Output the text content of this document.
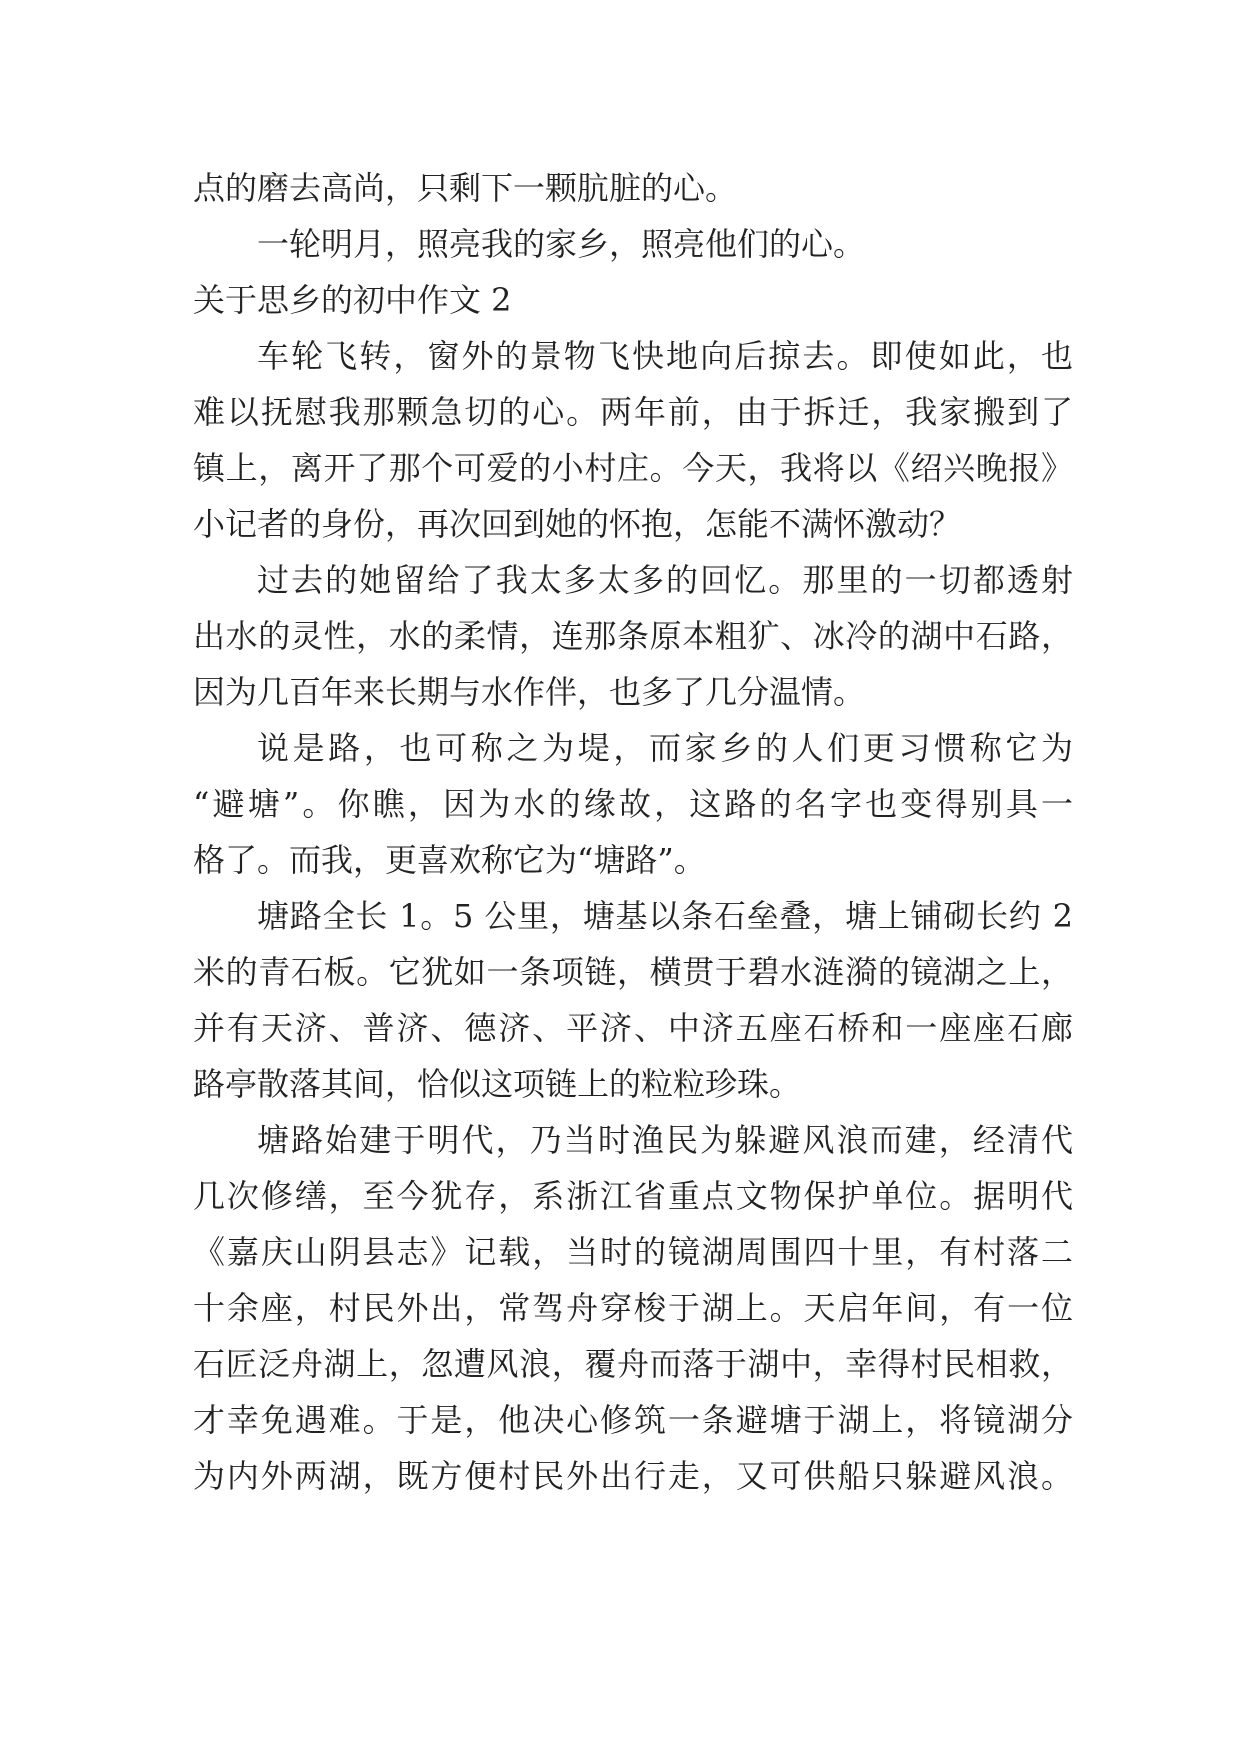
点的磨去高尚，只剩下一颗肮脏的心。
一轮明月，照亮我的家乡，照亮他们的心。
关于思乡的初中作文 2
车轮飞转，窗外的景物飞快地向后掠去。即使如此，也
难以抚慰我那颗急切的心。两年前，由于拆迁，我家搬到了
镇上，离开了那个可爱的小村庄。今天，我将以《绍兴晚报》
小记者的身份，再次回到她的怀抱，怎能不满怀激动？
过去的她留给了我太多太多的回忆。那里的一切都透射
出水的灵性，水的柔情，连那条原本粗犷、冰冷的湖中石路，
因为几百年来长期与水作伴，也多了几分温情。
说是路，也可称之为堤，而家乡的人们更习惯称它为
“避塘”。你瞧，因为水的缘故，这路的名字也变得别具一
格了。而我，更喜欢称它为“塘路”。
塘路全长 1。5 公里，塘基以条石垒叠，塘上铺砌长约 2
米的青石板。它犹如一条项链，横贯于碧水涟漪的镜湖之上，
并有天济、普济、德济、平济、中济五座石桥和一座座石廊
路亭散落其间，恰似这项链上的粒粒珍珠。
塘路始建于明代，乃当时渔民为躲避风浪而建，经清代
几次修缮，至今犹存，系浙江省重点文物保护单位。据明代
《嘉庆山阴县志》记载，当时的镜湖周围四十里，有村落二
十余座，村民外出，常驾舟穿梭于湖上。天启年间，有一位
石匠泛舟湖上，忽遭风浪，覆舟而落于湖中，幸得村民相救，
才幸免遇难。于是，他决心修筑一条避塘于湖上，将镜湖分
为内外两湖，既方便村民外出行走，又可供船只躲避风浪。
